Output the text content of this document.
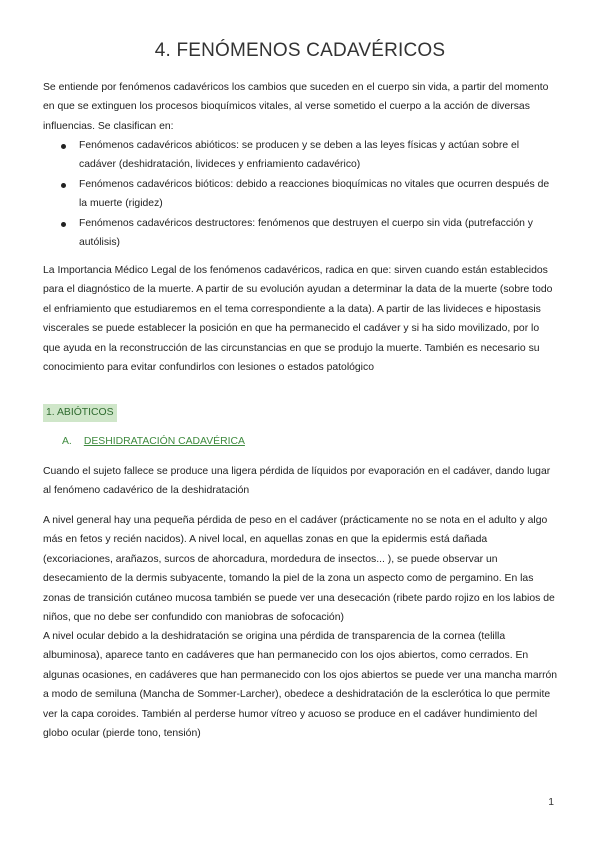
4. FENÓMENOS CADAVÉRICOS

Se entiende por fenómenos cadavéricos los cambios que suceden en el cuerpo sin vida, a partir del momento en que se extinguen los procesos bioquímicos vitales, al verse sometido el cuerpo a la acción de diversas influencias. Se clasifican en:

Fenómenos cadavéricos abióticos: se producen y se deben a las leyes físicas y actúan sobre el cadáver (deshidratación, livideces y enfriamiento cadavérico)
Fenómenos cadavéricos bióticos: debido a reacciones bioquímicas no vitales que ocurren después de la muerte (rigidez)
Fenómenos cadavéricos destructores: fenómenos que destruyen el cuerpo sin vida (putrefacción y autólisis)

La Importancia Médico Legal de los fenómenos cadavéricos, radica en que: sirven cuando están establecidos para el diagnóstico de la muerte. A partir de su evolución ayudan a determinar la data de la muerte (sobre todo el enfriamiento que estudiaremos en el tema correspondiente a la data). A partir de las livideces e hipostasis viscerales se puede establecer la posición en que ha permanecido el cadáver y si ha sido movilizado, por lo que ayuda en la reconstrucción de las circunstancias en que se produjo la muerte. También es necesario su conocimiento para evitar confundirlos con lesiones o estados patológico

1. ABIÓTICOS
A. DESHIDRATACIÓN CADAVÉRICA

Cuando el sujeto fallece se produce una ligera pérdida de líquidos por evaporación en el cadáver, dando lugar al fenómeno cadavérico de la deshidratación

A nivel general hay una pequeña pérdida de peso en el cadáver (prácticamente no se nota en el adulto y algo más en fetos y recién nacidos). A nivel local, en aquellas zonas en que la epidermis está dañada (excoriaciones, arañazos, surcos de ahorcadura, mordedura de insectos... ), se puede observar un desecamiento de la dermis subyacente, tomando la piel de la zona un aspecto como de pergamino. En las zonas de transición cutáneo mucosa también se puede ver una desecación (ribete pardo rojizo en los labios de niños, que no debe ser confundido con maniobras de sofocación)

A nivel ocular debido a la deshidratación se origina una pérdida de transparencia de la cornea (telilla albuminosa), aparece tanto en cadáveres que han permanecido con los ojos abiertos, como cerrados. En algunas ocasiones, en cadáveres que han permanecido con los ojos abiertos se puede ver una mancha marrón a modo de semiluna (Mancha de Sommer-Larcher), obedece a deshidratación de la esclerótica lo que permite ver la capa coroides. También al perderse humor vítreo y acuoso se produce en el cadáver hundimiento del globo ocular (pierde tono, tensión)

1
